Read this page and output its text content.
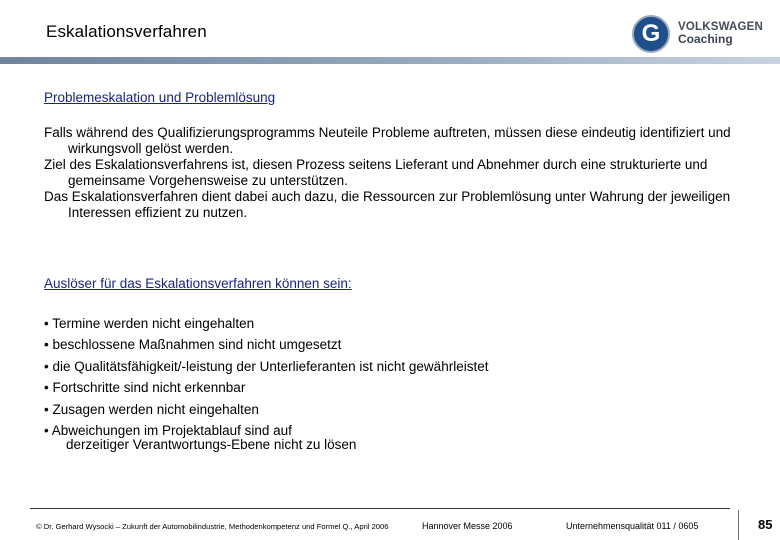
Eskalationsverfahren	G	VOLKSWAGEN
Coaching
Problemeskalation und Problemlösung

Falls während des Qualifizierungsprogramms Neuteile Probleme auftreten, müssen diese eindeutig identifiziert und wirkungsvoll gelöst werden.

Ziel des Eskalationsverfahrens ist, diesen Prozess seitens Lieferant und Abnehmer durch eine strukturierte und gemeinsame Vorgehensweise zu unterstützen.

Das Eskalationsverfahren dient dabei auch dazu, die Ressourcen zur Problemlösung unter Wahrung der jeweiligen Interessen effizient zu nutzen.

Auslöser für das Eskalationsverfahren können sein:
• Termine werden nicht eingehalten
• beschlossene Maßnahmen sind nicht umgesetzt
• die Qualitätsfähigkeit/-leistung der Unterlieferanten ist nicht gewährleistet
• Fortschritte sind nicht erkennbar
• Zusagen werden nicht eingehalten
• Abweichungen im Projektablauf sind auf
derzeitiger Verantwortungs-Ebene nicht zu lösen
© Dr. Gerhard Wysocki – Zukunft der Automobilindustrie, Methodenkompetenz und Formel Q., April 2006	Hannover Messe 2006	Unternehmensqualität 011 / 0605	85
